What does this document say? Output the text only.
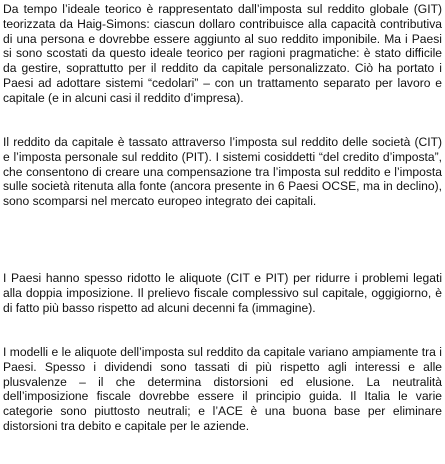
Da tempo l’ideale teorico è rappresentato dall’imposta sul reddito globale (GIT) teorizzata da Haig-Simons: ciascun dollaro contribuisce alla capacità contributiva di una persona e dovrebbe essere aggiunto al suo reddito imponibile. Ma i Paesi si sono scostati da questo ideale teorico per ragioni pragmatiche: è stato difficile da gestire, soprattutto per il reddito da capitale personalizzato. Ciò ha portato i Paesi ad adottare sistemi “cedolari” – con un trattamento separato per lavoro e capitale (e in alcuni casi il reddito d’impresa).

Il reddito da capitale è tassato attraverso l’imposta sul reddito delle società (CIT) e l’imposta personale sul reddito (PIT). I sistemi cosiddetti “del credito d’imposta”, che consentono di creare una compensazione tra l’imposta sul reddito e l’imposta sulle società ritenuta alla fonte (ancora presente in 6 Paesi OCSE, ma in declino), sono scomparsi nel mercato europeo integrato dei capitali.

I Paesi hanno spesso ridotto le aliquote (CIT e PIT) per ridurre i problemi legati alla doppia imposizione. Il prelievo fiscale complessivo sul capitale, oggigiorno, è di fatto più basso rispetto ad alcuni decenni fa (immagine).

I modelli e le aliquote dell’imposta sul reddito da capitale variano ampiamente tra i Paesi. Spesso i dividendi sono tassati di più rispetto agli interessi e alle plusvalenze – il che determina distorsioni ed elusione. La neutralità dell’imposizione fiscale dovrebbe essere il principio guida. Il Italia le varie categorie sono piuttosto neutrali; e l’ACE è una buona base per eliminare distorsioni tra debito e capitale per le aziende.
